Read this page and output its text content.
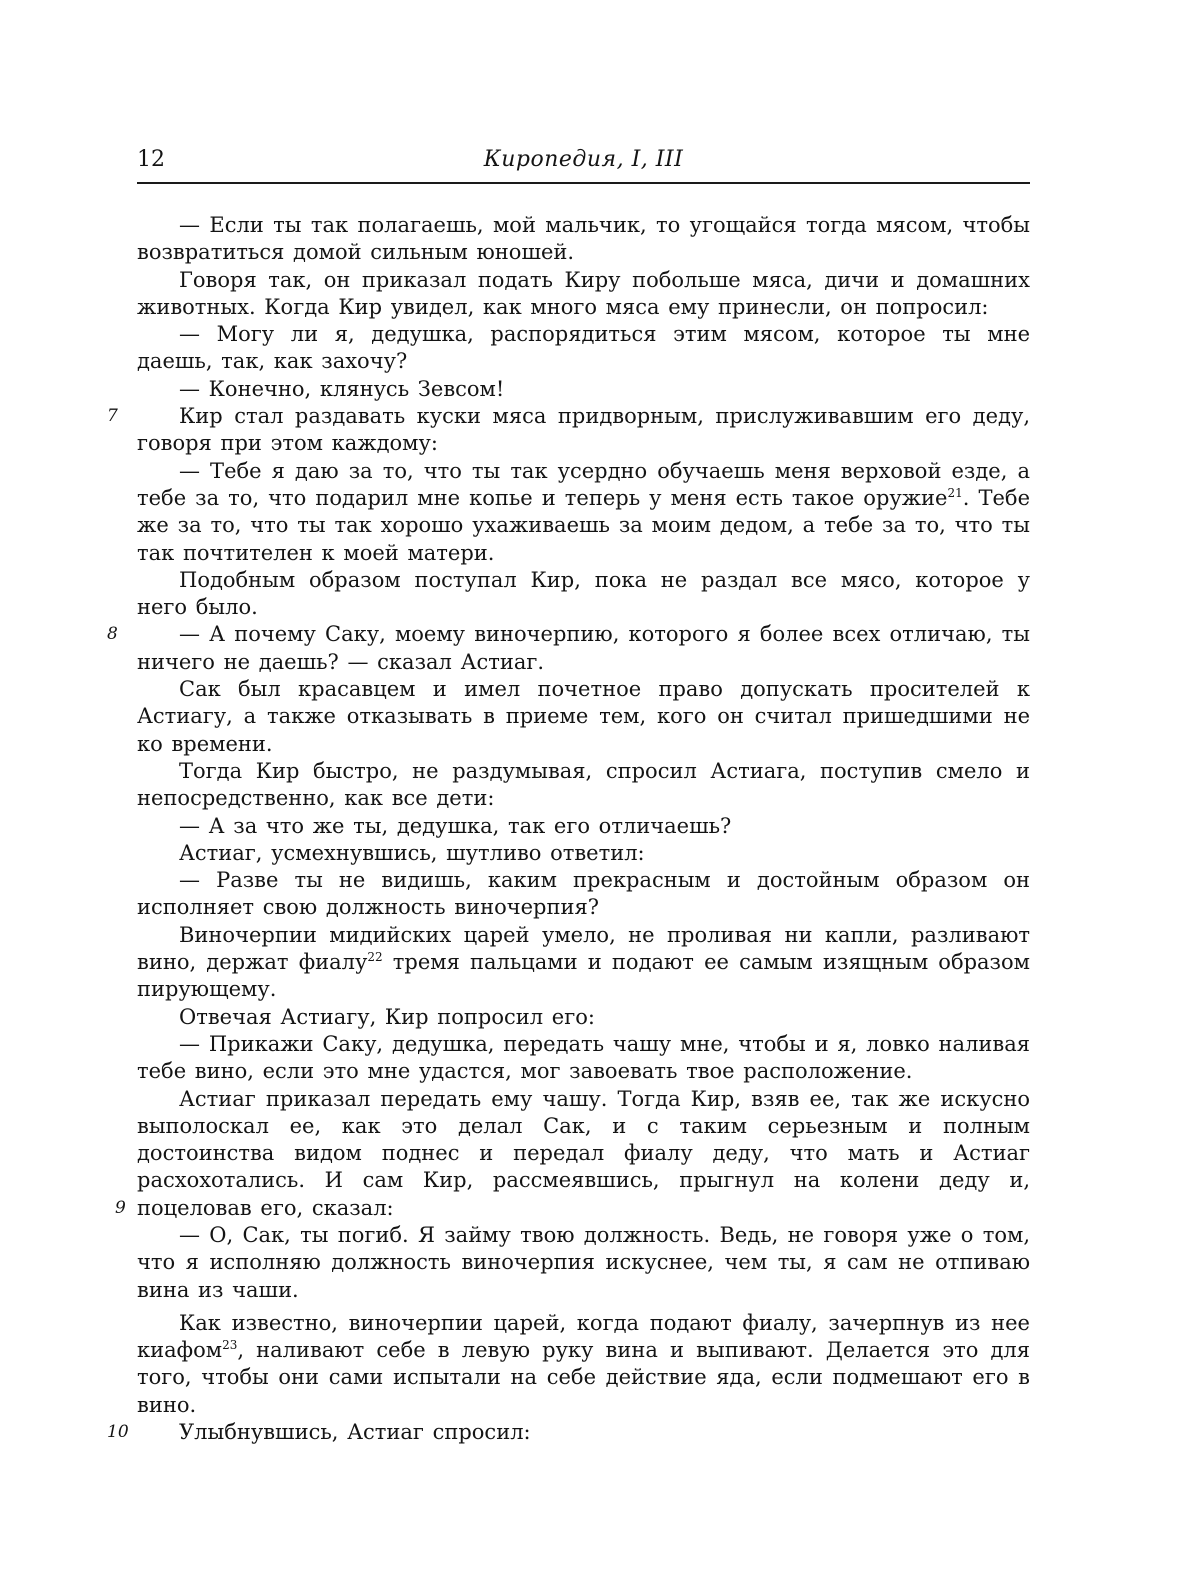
12	Киропедия, I, III

— Если ты так полагаешь, мой мальчик, то угощайся тогда мясом, чтобы возвратиться домой сильным юношей.

Говоря так, он приказал подать Киру побольше мяса, дичи и домашних животных. Когда Кир увидел, как много мяса ему принесли, он попросил:

— Могу ли я, дедушка, распорядиться этим мясом, которое ты мне даешь, так, как захочу?

— Конечно, клянусь Зевсом!

7	Кир стал раздавать куски мяса придворным, прислуживавшим его деду, говоря при этом каждому:

— Тебе я даю за то, что ты так усердно обучаешь меня верховой езде, а тебе за то, что подарил мне копье и теперь у меня есть такое оружие$^{21}$. Тебе же за то, что ты так хорошо ухаживаешь за моим дедом, а тебе за то, что ты так почтителен к моей матери.

Подобным образом поступал Кир, пока не раздал все мясо, которое у него было.

8	— А почему Саку, моему виночерпию, которого я более всех отличаю, ты ничего не даешь? — сказал Астиаг.

Сак был красавцем и имел почетное право допускать просителей к Астиагу, а также отказывать в приеме тем, кого он считал пришедшими не ко времени.

Тогда Кир быстро, не раздумывая, спросил Астиага, поступив смело и непосредственно, как все дети:

— А за что же ты, дедушка, так его отличаешь?

Астиаг, усмехнувшись, шутливо ответил:

— Разве ты не видишь, каким прекрасным и достойным образом он исполняет свою должность виночерпия?

Виночерпии мидийских царей умело, не проливая ни капли, разливают вино, держат фиалу$^{22}$ тремя пальцами и подают ее самым изящным образом пирующему.

Отвечая Астиагу, Кир попросил его:

— Прикажи Саку, дедушка, передать чашу мне, чтобы и я, ловко наливая тебе вино, если это мне удастся, мог завоевать твое расположение.

9
Астиаг приказал передать ему чашу. Тогда Кир, взяв ее, так же искусно выполоскал ее, как это делал Сак, и с таким серьезным и полным достоинства видом поднес и передал фиалу деду, что мать и Астиаг расхохотались. И сам Кир, рассмеявшись, прыгнул на колени деду и, поцеловав его, сказал:

— О, Сак, ты погиб. Я займу твою должность. Ведь, не говоря уже о том, что я исполняю должность виночерпия искуснее, чем ты, я сам не отпиваю вина из чаши.

Как известно, виночерпии царей, когда подают фиалу, зачерпнув из нее киафом$^{23}$, наливают себе в левую руку вина и выпивают. Делается это для того, чтобы они сами испытали на себе действие яда, если подмешают его в вино.

10 Улыбнувшись, Астиаг спросил:
